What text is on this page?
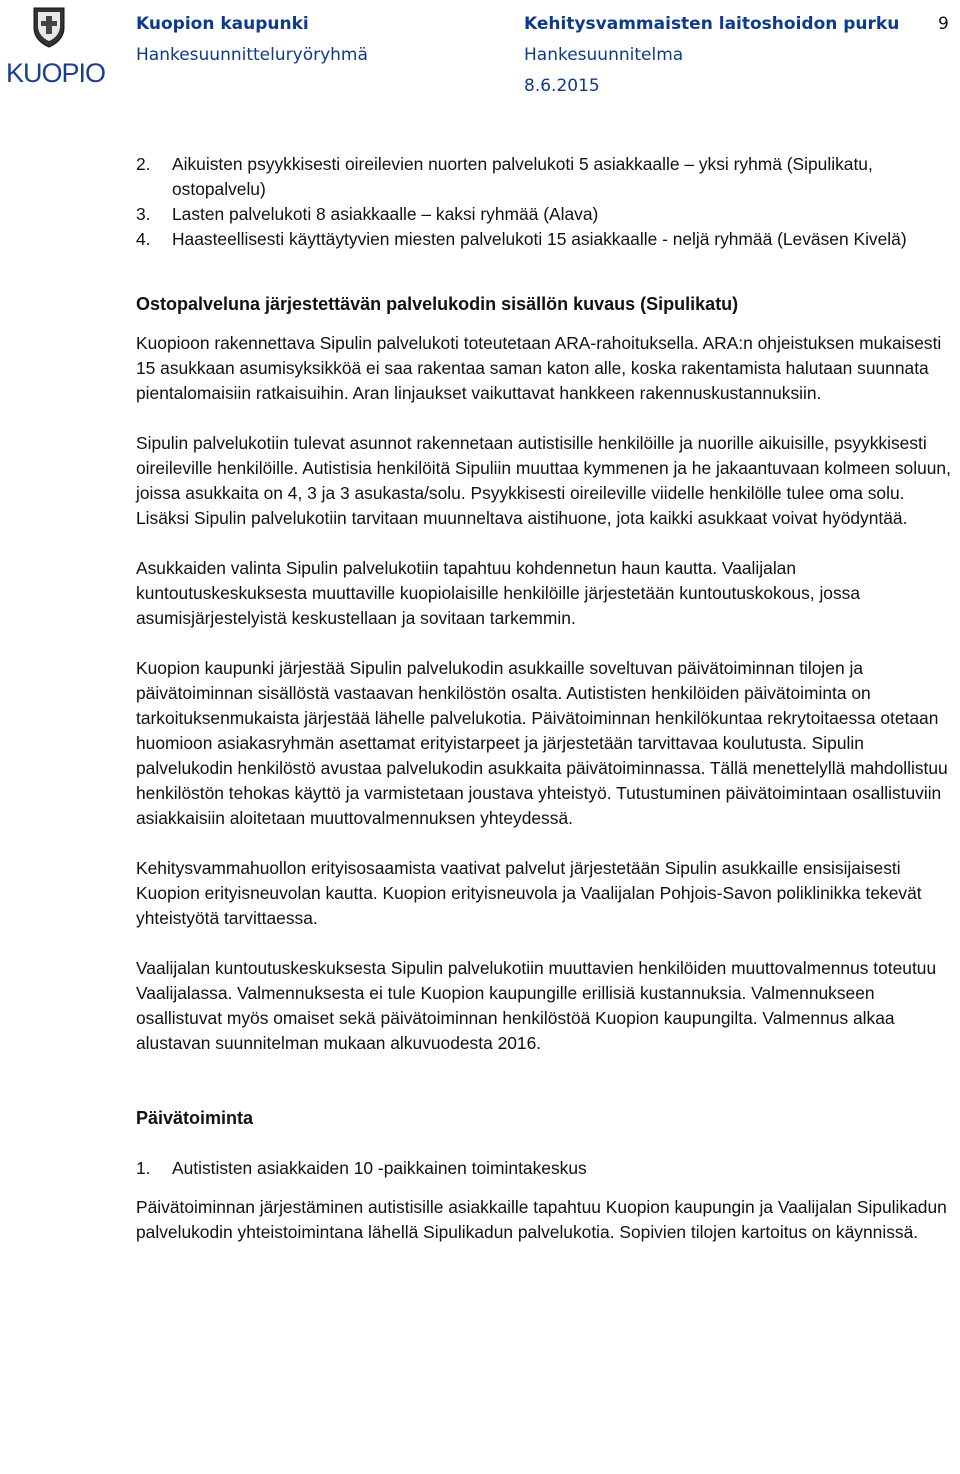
KUOPIO
Kuopion kaupunki
Hankesuunnitteluryöryhmä
Kehitysvammaisten laitoshoidon purku
Hankesuunnitelma
8.6.2015
9
2.	Aikuisten psyykkisesti oireilevien nuorten palvelukoti 5 asiakkaalle – yksi ryhmä (Sipulikatu, ostopalvelu)
3.	Lasten palvelukoti 8 asiakkaalle – kaksi ryhmää (Alava)
4.	Haasteellisesti käyttäytyvien miesten palvelukoti 15 asiakkaalle - neljä ryhmää (Leväsen Kivelä)
Ostopalveluna järjestettävän palvelukodin sisällön kuvaus (Sipulikatu)

Kuopioon rakennettava Sipulin palvelukoti toteutetaan ARA-rahoituksella. ARA:n ohjeistuksen mukaisesti 15 asukkaan asumisyksikköä ei saa rakentaa saman katon alle, koska rakentamista halutaan suunnata pientalomaisiin ratkaisuihin. Aran linjaukset vaikuttavat hankkeen rakennuskustannuksiin.

Sipulin palvelukotiin tulevat asunnot rakennetaan autistisille henkilöille ja nuorille aikuisille, psyykkisesti oireileville henkilöille. Autistisia henkilöitä Sipuliin muuttaa kymmenen ja he jakaantuvaan kolmeen soluun, joissa asukkaita on 4, 3 ja 3 asukasta/solu. Psyykkisesti oireileville viidelle henkilölle tulee oma solu. Lisäksi Sipulin palvelukotiin tarvitaan muunneltava aistihuone, jota kaikki asukkaat voivat hyödyntää.

Asukkaiden valinta Sipulin palvelukotiin tapahtuu kohdennetun haun kautta. Vaalijalan kuntoutuskeskuksesta muuttaville kuopiolaisille henkilöille järjestetään kuntoutuskokous, jossa asumisjärjestelyistä keskustellaan ja sovitaan tarkemmin.

Kuopion kaupunki järjestää Sipulin palvelukodin asukkaille soveltuvan päivätoiminnan tilojen ja päivätoiminnan sisällöstä vastaavan henkilöstön osalta. Autististen henkilöiden päivätoiminta on tarkoituksenmukaista järjestää lähelle palvelukotia. Päivätoiminnan henkilökuntaa rekrytoitaessa otetaan huomioon asiakasryhmän asettamat erityistarpeet ja järjestetään tarvittavaa koulutusta. Sipulin palvelukodin henkilöstö avustaa palvelukodin asukkaita päivätoiminnassa. Tällä menettelyllä mahdollistuu henkilöstön tehokas käyttö ja varmistetaan joustava yhteistyö. Tutustuminen päivätoimintaan osallistuviin asiakkaisiin aloitetaan muuttovalmennuksen yhteydessä.

Kehitysvammahuollon erityisosaamista vaativat palvelut järjestetään Sipulin asukkaille ensisijaisesti Kuopion erityisneuvolan kautta. Kuopion erityisneuvola ja Vaalijalan Pohjois-Savon poliklinikka tekevät yhteistyötä tarvittaessa.

Vaalijalan kuntoutuskeskuksesta Sipulin palvelukotiin muuttavien henkilöiden muuttovalmennus toteutuu Vaalijalassa. Valmennuksesta ei tule Kuopion kaupungille erillisiä kustannuksia. Valmennukseen osallistuvat myös omaiset sekä päivätoiminnan henkilöstöä Kuopion kaupungilta. Valmennus alkaa alustavan suunnitelman mukaan alkuvuodesta 2016.

Päivätoiminta
1.	Autististen asiakkaiden 10 -paikkainen toimintakeskus

Päivätoiminnan järjestäminen autistisille asiakkaille tapahtuu Kuopion kaupungin ja Vaalijalan Sipulikadun palvelukodin yhteistoimintana lähellä Sipulikadun palvelukotia. Sopivien tilojen kartoitus on käynnissä.
